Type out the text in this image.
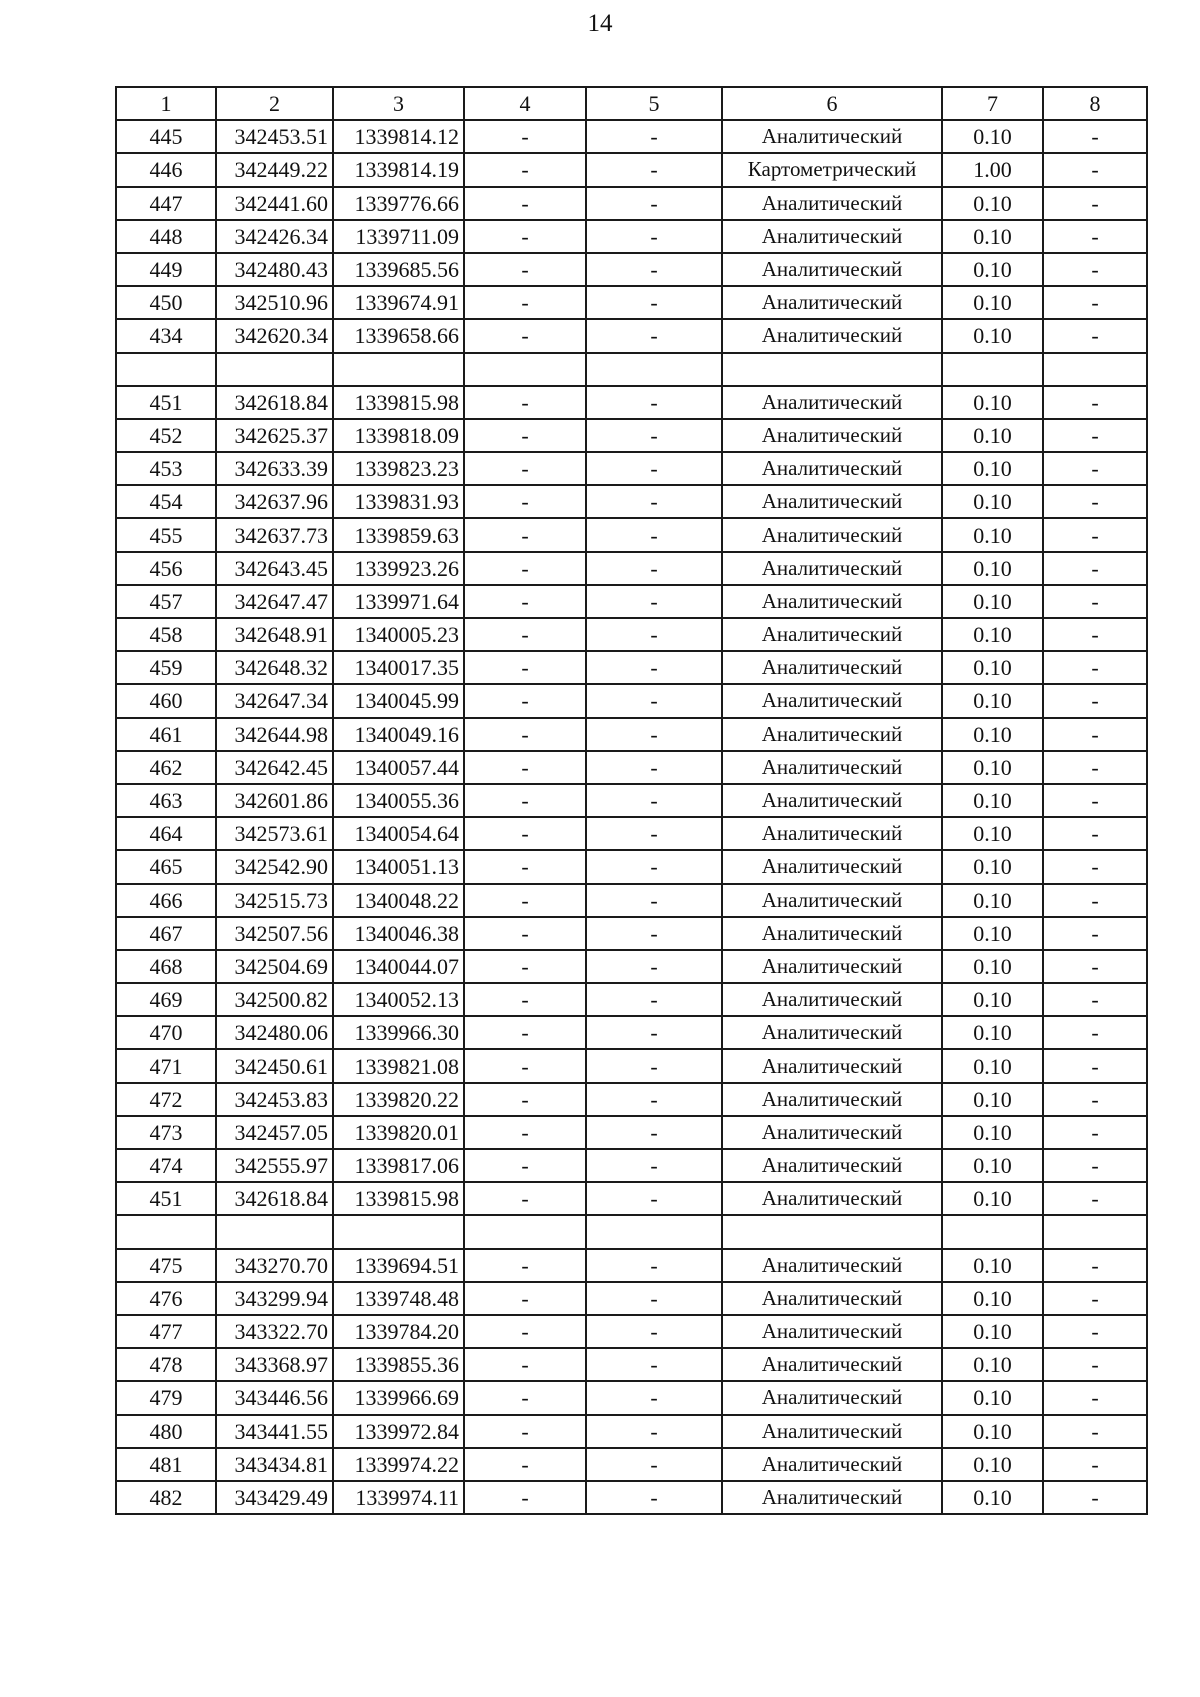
14
1	2	3	4	5	6	7	8
445	342453.51	1339814.12	-	-	Аналитический	0.10	-
446	342449.22	1339814.19	-	-	Картометрический	1.00	-
447	342441.60	1339776.66	-	-	Аналитический	0.10	-
448	342426.34	1339711.09	-	-	Аналитический	0.10	-
449	342480.43	1339685.56	-	-	Аналитический	0.10	-
450	342510.96	1339674.91	-	-	Аналитический	0.10	-
434	342620.34	1339658.66	-	-	Аналитический	0.10	-

451	342618.84	1339815.98	-	-	Аналитический	0.10	-
452	342625.37	1339818.09	-	-	Аналитический	0.10	-
453	342633.39	1339823.23	-	-	Аналитический	0.10	-
454	342637.96	1339831.93	-	-	Аналитический	0.10	-
455	342637.73	1339859.63	-	-	Аналитический	0.10	-
456	342643.45	1339923.26	-	-	Аналитический	0.10	-
457	342647.47	1339971.64	-	-	Аналитический	0.10	-
458	342648.91	1340005.23	-	-	Аналитический	0.10	-
459	342648.32	1340017.35	-	-	Аналитический	0.10	-
460	342647.34	1340045.99	-	-	Аналитический	0.10	-
461	342644.98	1340049.16	-	-	Аналитический	0.10	-
462	342642.45	1340057.44	-	-	Аналитический	0.10	-
463	342601.86	1340055.36	-	-	Аналитический	0.10	-
464	342573.61	1340054.64	-	-	Аналитический	0.10	-
465	342542.90	1340051.13	-	-	Аналитический	0.10	-
466	342515.73	1340048.22	-	-	Аналитический	0.10	-
467	342507.56	1340046.38	-	-	Аналитический	0.10	-
468	342504.69	1340044.07	-	-	Аналитический	0.10	-
469	342500.82	1340052.13	-	-	Аналитический	0.10	-
470	342480.06	1339966.30	-	-	Аналитический	0.10	-
471	342450.61	1339821.08	-	-	Аналитический	0.10	-
472	342453.83	1339820.22	-	-	Аналитический	0.10	-
473	342457.05	1339820.01	-	-	Аналитический	0.10	-
474	342555.97	1339817.06	-	-	Аналитический	0.10	-
451	342618.84	1339815.98	-	-	Аналитический	0.10	-

475	343270.70	1339694.51	-	-	Аналитический	0.10	-
476	343299.94	1339748.48	-	-	Аналитический	0.10	-
477	343322.70	1339784.20	-	-	Аналитический	0.10	-
478	343368.97	1339855.36	-	-	Аналитический	0.10	-
479	343446.56	1339966.69	-	-	Аналитический	0.10	-
480	343441.55	1339972.84	-	-	Аналитический	0.10	-
481	343434.81	1339974.22	-	-	Аналитический	0.10	-
482	343429.49	1339974.11	-	-	Аналитический	0.10	-
